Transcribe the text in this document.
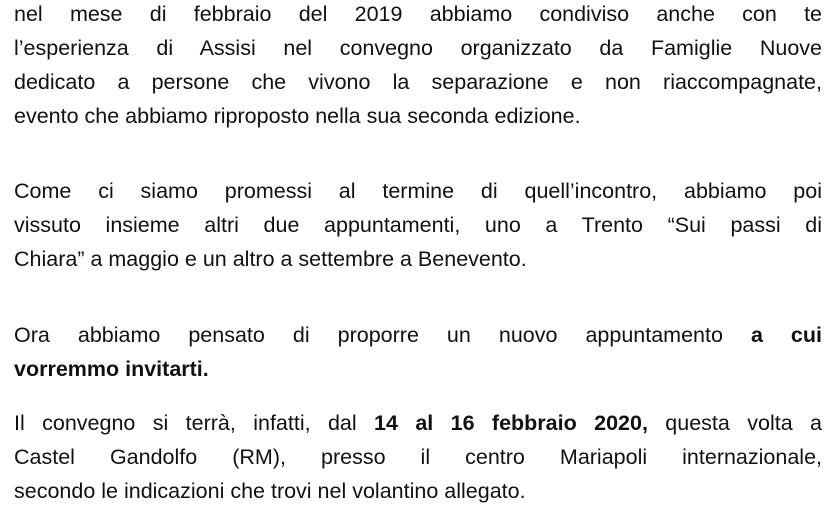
nel mese di febbraio del 2019 abbiamo condiviso anche con te
l’esperienza di Assisi nel convegno organizzato da Famiglie Nuove
dedicato a persone che vivono la separazione e non riaccompagnate,
evento che abbiamo riproposto nella sua seconda edizione.

Come ci siamo promessi al termine di quell’incontro, abbiamo poi
vissuto insieme altri due appuntamenti, uno a Trento “Sui passi di
Chiara” a maggio e un altro a settembre a Benevento.

Ora abbiamo pensato di proporre un nuovo appuntamento a cui
vorremmo invitarti.

Il convegno si terrà, infatti, dal 14 al 16 febbraio 2020, questa volta a
Castel Gandolfo (RM), presso il centro Mariapoli internazionale,
secondo le indicazioni che trovi nel volantino allegato.
